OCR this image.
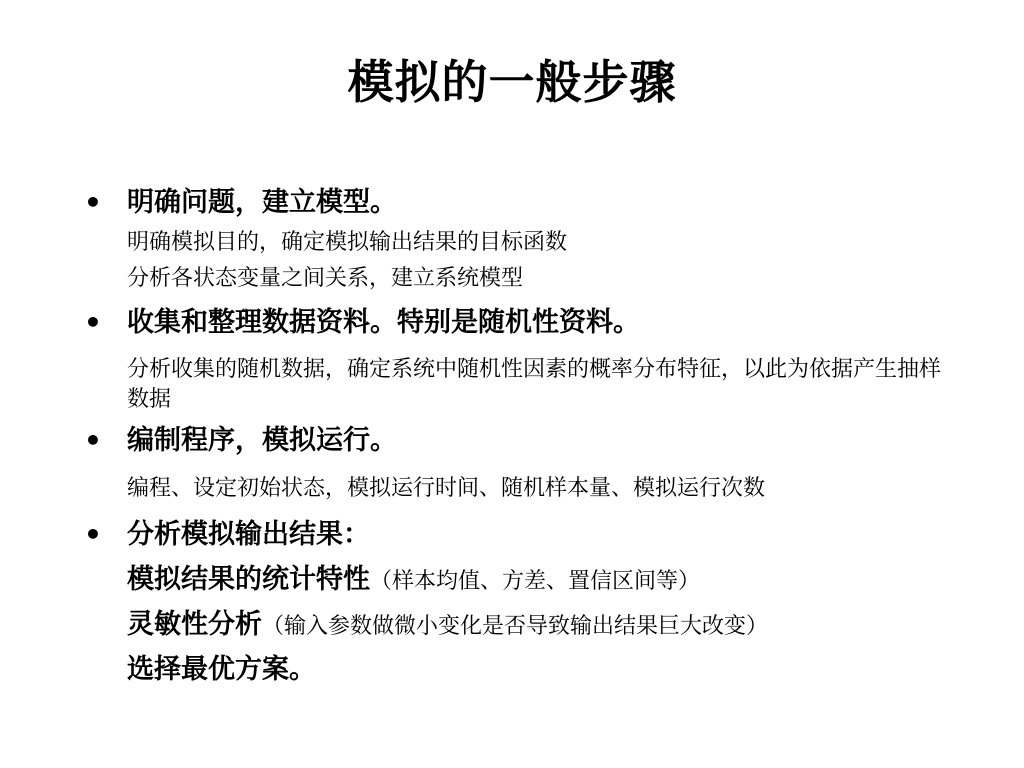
模拟的一般步骤
• 明确问题，建立模型。
明确模拟目的，确定模拟输出结果的目标函数
分析各状态变量之间关系，建立系统模型
• 收集和整理数据资料。特别是随机性资料。
分析收集的随机数据，确定系统中随机性因素的概率分布特征，以此为依据产生抽样数据
• 编制程序，模拟运行。
编程、设定初始状态，模拟运行时间、随机样本量、模拟运行次数
• 分析模拟输出结果：
模拟结果的统计特性（样本均值、方差、置信区间等）
灵敏性分析（输入参数做微小变化是否导致输出结果巨大改变）
选择最优方案。
